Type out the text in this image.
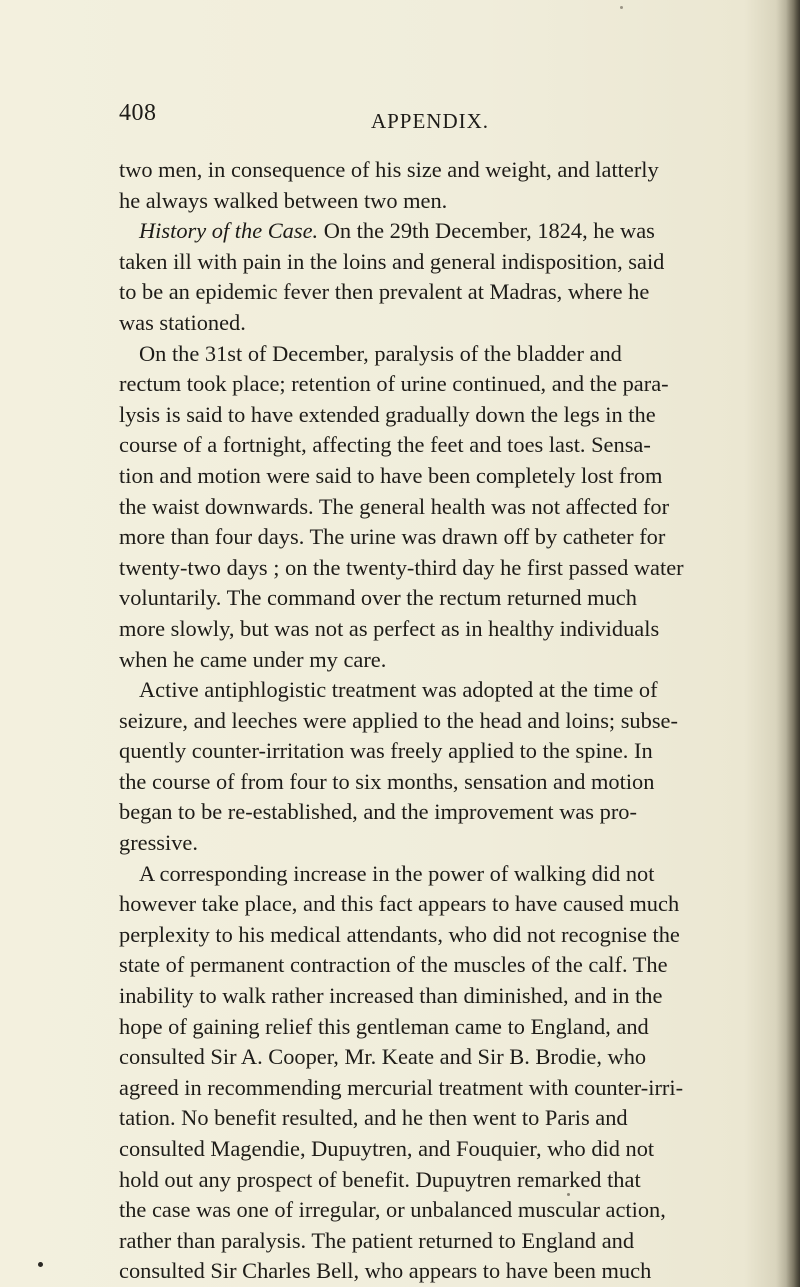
408	APPENDIX.
two men, in consequence of his size and weight, and latterly
he always walked between two men.
History of the Case. On the 29th December, 1824, he was
taken ill with pain in the loins and general indisposition, said
to be an epidemic fever then prevalent at Madras, where he
was stationed.
On the 31st of December, paralysis of the bladder and
rectum took place; retention of urine continued, and the para-
lysis is said to have extended gradually down the legs in the
course of a fortnight, affecting the feet and toes last. Sensa-
tion and motion were said to have been completely lost from
the waist downwards. The general health was not affected for
more than four days. The urine was drawn off by catheter for
twenty-two days ; on the twenty-third day he first passed water
voluntarily. The command over the rectum returned much
more slowly, but was not as perfect as in healthy individuals
when he came under my care.
Active antiphlogistic treatment was adopted at the time of
seizure, and leeches were applied to the head and loins; subse-
quently counter-irritation was freely applied to the spine. In
the course of from four to six months, sensation and motion
began to be re-established, and the improvement was pro-
gressive.
A corresponding increase in the power of walking did not
however take place, and this fact appears to have caused much
perplexity to his medical attendants, who did not recognise the
state of permanent contraction of the muscles of the calf. The
inability to walk rather increased than diminished, and in the
hope of gaining relief this gentleman came to England, and
consulted Sir A. Cooper, Mr. Keate and Sir B. Brodie, who
agreed in recommending mercurial treatment with counter-irri-
tation. No benefit resulted, and he then went to Paris and
consulted Magendie, Dupuytren, and Fouquier, who did not
hold out any prospect of benefit. Dupuytren remarked that
the case was one of irregular, or unbalanced muscular action,
rather than paralysis. The patient returned to England and
consulted Sir Charles Bell, who appears to have been much
